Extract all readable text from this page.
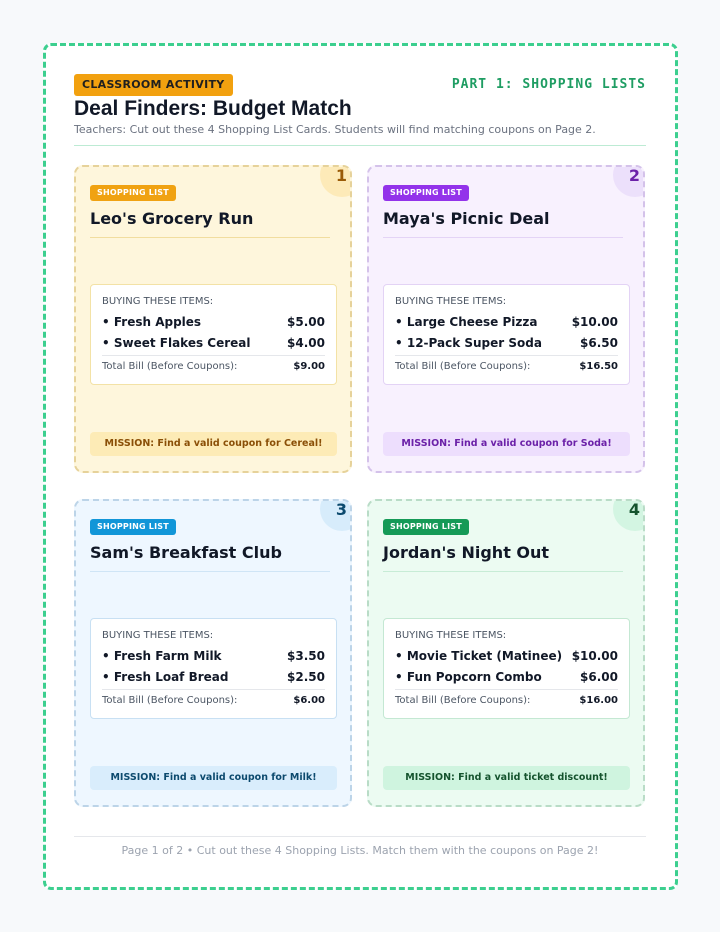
CLASSROOM ACTIVITY	PART 1: SHOPPING LISTS
Deal Finders: Budget Match
Teachers: Cut out these 4 Shopping List Cards. Students will find matching coupons on Page 2.
1
SHOPPING LIST
Leo's Grocery Run
BUYING THESE ITEMS:
• Fresh Apples	$5.00
• Sweet Flakes Cereal	$4.00
Total Bill (Before Coupons):	$9.00
MISSION: Find a valid coupon for Cereal!
2
SHOPPING LIST
Maya's Picnic Deal
BUYING THESE ITEMS:
• Large Cheese Pizza	$10.00
• 12-Pack Super Soda	$6.50
Total Bill (Before Coupons):	$16.50
MISSION: Find a valid coupon for Soda!
3
SHOPPING LIST
Sam's Breakfast Club
BUYING THESE ITEMS:
• Fresh Farm Milk	$3.50
• Fresh Loaf Bread	$2.50
Total Bill (Before Coupons):	$6.00
MISSION: Find a valid coupon for Milk!
4
SHOPPING LIST
Jordan's Night Out
BUYING THESE ITEMS:
• Movie Ticket (Matinee) $10.00
• Fun Popcorn Combo	$6.00
Total Bill (Before Coupons):	$16.00
MISSION: Find a valid ticket discount!
Page 1 of 2 • Cut out these 4 Shopping Lists. Match them with the coupons on Page 2!
